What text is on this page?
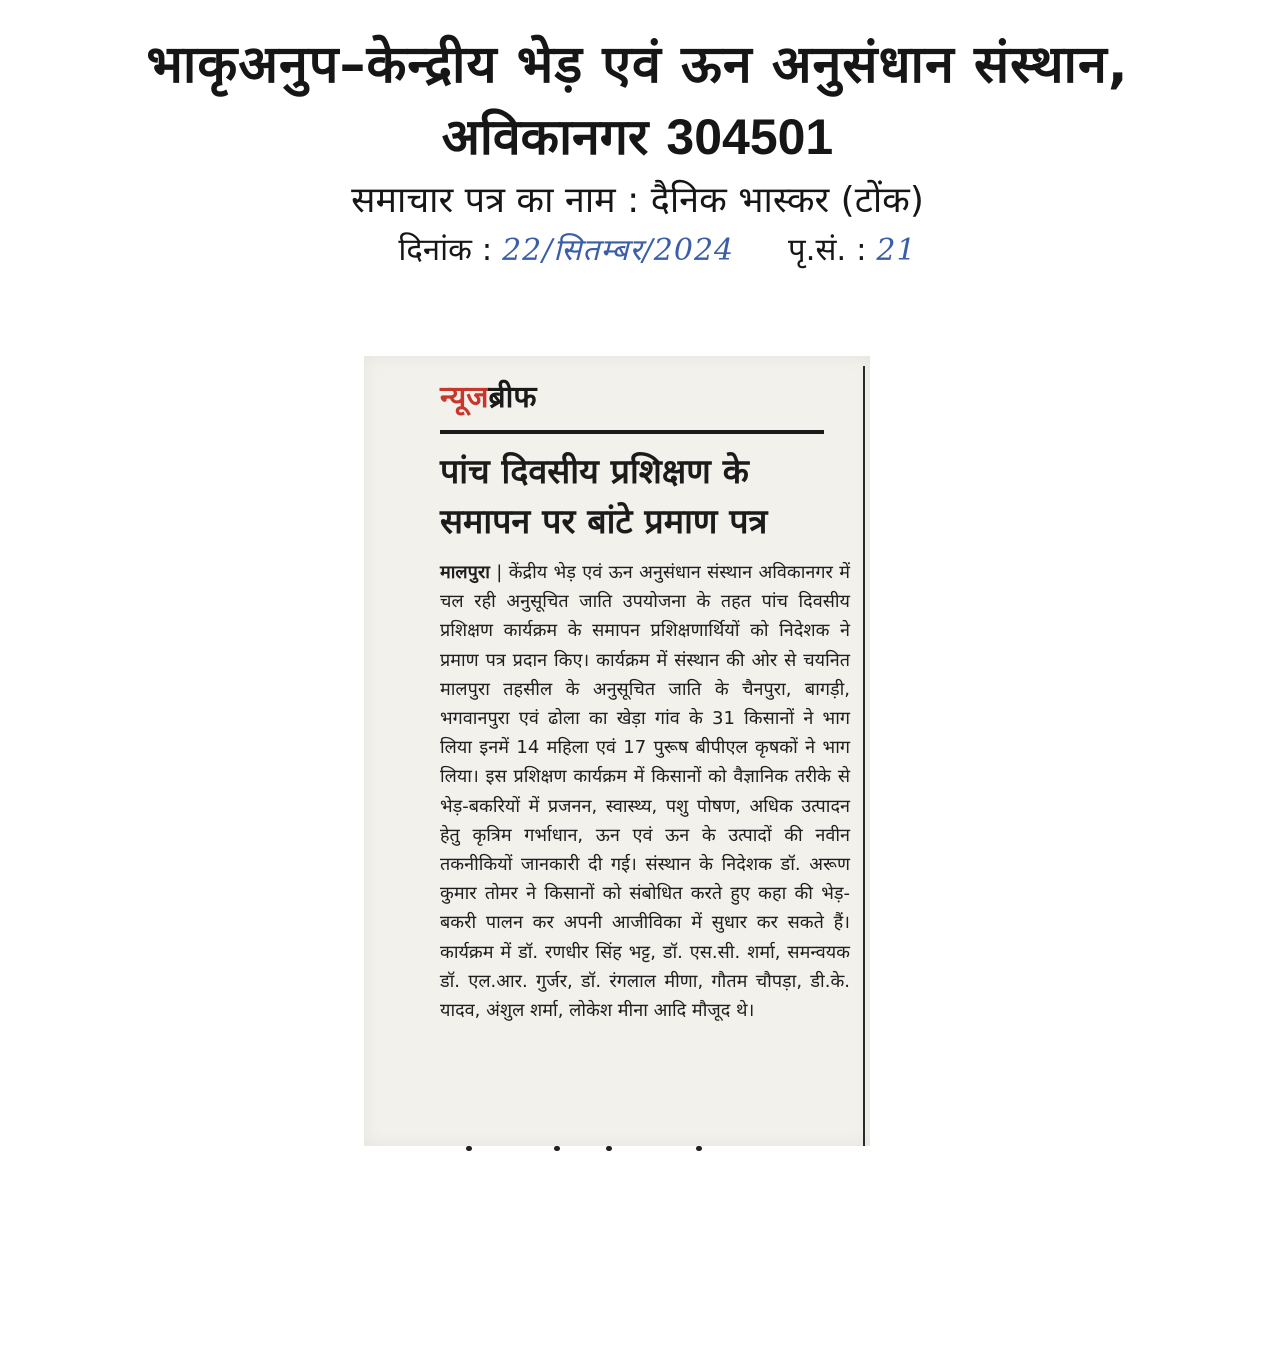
भाकृअनुप–केन्द्रीय भेड़ एवं ऊन अनुसंधान संस्थान,
अविकानगर 304501
समाचार पत्र का नाम : दैनिक भास्कर (टोंक)
दिनांक : 22/सितम्बर/2024 पृ.सं. : 21
न्यूजब्रीफ
पांच दिवसीय प्रशिक्षण के
समापन पर बांटे प्रमाण पत्र
मालपुरा | केंद्रीय भेड़ एवं ऊन अनुसंधान संस्थान अविकानगर में चल रही अनुसूचित जाति उपयोजना के तहत पांच दिवसीय प्रशिक्षण कार्यक्रम के समापन प्रशिक्षणार्थियों को निदेशक ने प्रमाण पत्र प्रदान किए। कार्यक्रम में संस्थान की ओर से चयनित मालपुरा तहसील के अनुसूचित जाति के चैनपुरा, बागड़ी, भगवानपुरा एवं ढोला का खेड़ा गांव के 31 किसानों ने भाग लिया इनमें 14 महिला एवं 17 पुरूष बीपीएल कृषकों ने भाग लिया। इस प्रशिक्षण कार्यक्रम में किसानों को वैज्ञानिक तरीके से भेड़-बकरियों में प्रजनन, स्वास्थ्य, पशु पोषण, अधिक उत्पादन हेतु कृत्रिम गर्भाधान, ऊन एवं ऊन के उत्पादों की नवीन तकनीकियों जानकारी दी गई। संस्थान के निदेशक डॉ. अरूण कुमार तोमर ने किसानों को संबोधित करते हुए कहा की भेड़-बकरी पालन कर अपनी आजीविका में सुधार कर सकते हैं। कार्यक्रम में डॉ. रणधीर सिंह भट्ट, डॉ. एस.सी. शर्मा, समन्वयक डॉ. एल.आर. गुर्जर, डॉ. रंगलाल मीणा, गौतम चौपड़ा, डी.के. यादव, अंशुल शर्मा, लोकेश मीना आदि मौजूद थे।
